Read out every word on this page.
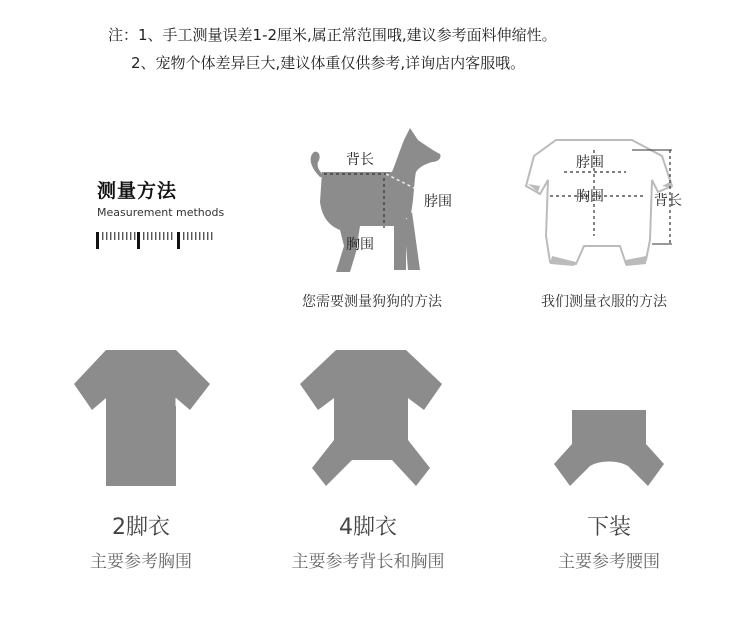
注：1、手工测量误差1-2厘米,属正常范围哦,建议参考面料伸缩性。
2、宠物个体差异巨大,建议体重仅供参考,详询店内客服哦。
测量方法
Measurement methods
背长
脖围
胸围
您需要测量狗狗的方法
脖围
胸围	背长
我们测量衣服的方法
2脚衣
主要参考胸围
4脚衣
主要参考背长和胸围
下装
主要参考腰围
